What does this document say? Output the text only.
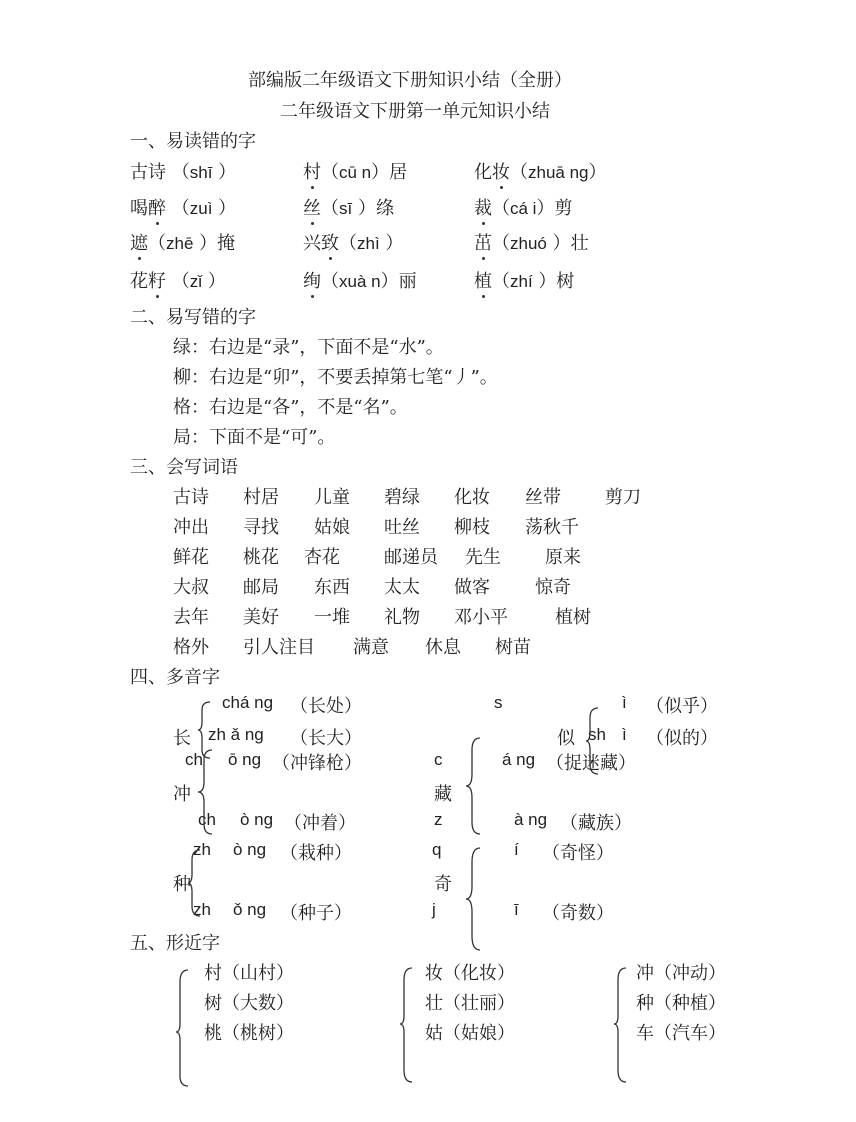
部编版二年级语文下册知识小结（全册）
二年级语文下册第一单元知识小结
一、易读错的字
古诗 （shī ）	村（cū n）居	化妆（zhuā ng）
喝醉 （zuì ）	丝（sī ）绦	裁（cá i）剪
遮（zhē ）掩	兴致（zhì ）	茁（zhuó ）壮
花籽 （zǐ ）	绚（xuà n）丽	植（zhí ）树
二、易写错的字
绿：右边是“录”，下面不是“水”。
柳：右边是“卯”，不要丢掉第七笔“丿”。
格：右边是“各”，不是“名”。
局：下面不是“可”。
三、会写词语
古诗 村居 儿童 碧绿 化妆 丝带 剪刀
冲出 寻找 姑娘 吐丝 柳枝 荡秋千
鲜花 桃花 杏花 邮递员 先生 原来
大叔 邮局 东西 太太 做客	惊奇
去年 美好 一堆 礼物 邓小平	植树
格外 引人注目 满意 休息 树苗
四、多音字
chá ng （长处）
长 zh ǎ ng （长大）
ch ō ng （冲锋枪）
冲
ch ò ng （冲着）
zh ò ng （栽种）
种
zh ǒ ng （种子）
s	ì （似乎）
似 sh ì （似的）
c	á ng （捉迷藏）
藏
z	à ng （藏族）
q	í （奇怪）
奇
j	ī （奇数）
五、形近字
村（山村）
树（大数）
桃（桃树）
妆（化妆）
壮（壮丽）
姑（姑娘）
冲（冲动）
种（种植）
车（汽车）
